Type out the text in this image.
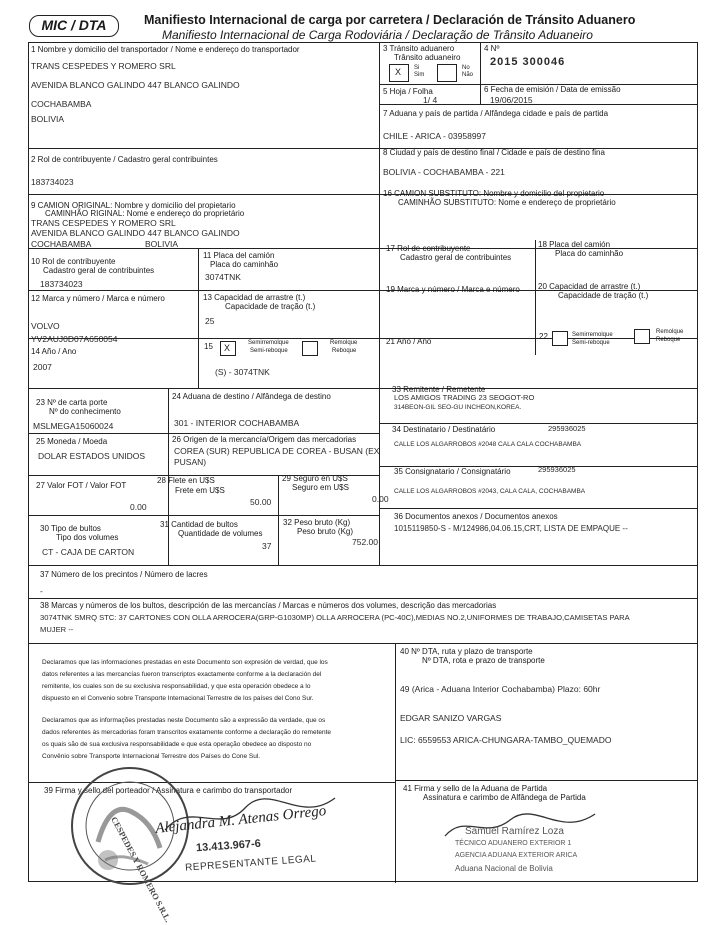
MIC / DTA	Manifiesto Internacional de carga por carretera / Declaración de Tránsito Aduanero
Manifiesto Internacional de Carga Rodoviária / Declaração de Trânsito Aduaneiro
1 Nombre y domicilio del transportador / Nome e endereço do transportador
TRANS CESPEDES Y ROMERO SRL
AVENIDA BLANCO GALINDO 447 BLANCO GALINDO
COCHABAMBA
BOLIVIA
2 Rol de contribuyente / Cadastro geral contribuintes
183734023
3 Tránsito aduanero
Trânsito aduaneiro
X	Si
Sim
No
Não
4 Nº
2015 300046
5 Hoja / Folha
1/ 4
6 Fecha de emisión / Data de emissão
19/06/2015
7 Aduana y país de partida / Alfândega cidade e país de partida
CHILE - ARICA - 03958997
8 Ciudad y país de destino final / Cidade e país de destino fina
BOLIVIA - COCHABAMBA - 221
9 CAMION ORIGINAL: Nombre y domicilio del propietario
CAMINHÃO RIGINAL: Nome e endereço do proprietário
TRANS CESPEDES Y ROMERO SRL
AVENIDA BLANCO GALINDO 447 BLANCO GALINDO
COCHABAMBA	BOLIVIA
10 Rol de contribuyente
Cadastro geral de contribuintes
183734023
11 Placa del camión
Placa do caminhão
3074TNK
12 Marca y número / Marca e número
VOLVO
YV2AUJ0D07A650054
13 Capacidad de arrastre (t.)
Capacidade de tração (t.)
25
14 Año / Ano
2007
15	X	Semirremolque
Semi-reboque
Remolque
Reboque
(S) - 3074TNK
16 CAMION SUBSTITUTO: Nombre y domicilio del propietario
CAMINHÃO SUBSTITUTO: Nome e endereço de proprietário
17 Rol de contribuyente
Cadastro geral de contribuintes
18 Placa del camión
Placa do caminhão
19 Marca y número / Marca e número 20 Capacidad de arrastre (t.)
Capacidade de tração (t.)
21 Año / Ano
22	Semirremolque
Semi-reboque
Remolque
Reboque
23 Nº de carta porte
Nº do conhecimento
MSLMEGA15060024
24 Aduana de destino / Alfândega de destino
301 - INTERIOR COCHABAMBA
25 Moneda / Moeda
DOLAR ESTADOS UNIDOS
26 Origen de la mercancía/Origem das mercadorias
COREA (SUR) REPUBLICA DE COREA - BUSAN (EX
PUSAN)
27 Valor FOT / Valor FOT
0.00
28 Flete en U$S
Frete em U$S
50.00
29 Seguro en U$S
Seguro em U$S
0.00
30 Tipo de bultos
Tipo dos volumes
CT - CAJA DE CARTON
31 Cantidad de bultos
Quantidade de volumes
37
32 Peso bruto (Kg)
Peso bruto (Kg)
752.00
33 Remitente / Remetente
LOS AMIGOS TRADING 23 SEOGOT-RO
314BEON-GIL SEO-GU INCHEON,KOREA.
34 Destinatario / Destinatário	295936025
CALLE LOS ALGARROBOS #2048 CALA CALA COCHABAMBA
35 Consignatario / Consignatário	295936025
CALLE LOS ALGARROBOS #2043, CALA CALA, COCHABAMBA
36 Documentos anexos / Documentos anexos
1015119850-S - M/124986,04.06.15,CRT, LISTA DE EMPAQUE --
37 Número de los precintos / Número de lacres
-
38 Marcas y números de los bultos, descripción de las mercancías / Marcas e números dos volumes, descrição das mercadorias
3074TNK SMRQ STC: 37 CARTONES CON OLLA ARROCERA(GRP-G1030MP) OLLA ARROCERA (PC-40C),MEDIAS NO.2,UNIFORMES DE TRABAJO,CAMISETAS PARA
MUJER --
Declaramos que las informaciones prestadas en este Documento son expresión de verdad, que los
datos referentes a las mercancías fueron transcriptos exactamente conforme a la declaración del
remitente, los cuales son de su exclusiva responsabilidad, y que esta operación obedece a lo
dispuesto en el Convenio sobre Transporte Internacional Terrestre de los países del Cono Sur.
Declaramos que as informações prestadas neste Documento são a expressão da verdade, que os
dados referentes às mercadorias foram transcritos exatamente conforme a declaração do remetente
os quais são de sua exclusiva responsabilidade e que esta operação obedece ao disposto no
Convênio sobre Transporte Internacional Terrestre dos Países do Cone Sul.
39 Firma y sello del porteador / Assinatura e carimbo do transportador
CESPEDES Y ROMERO S.R.L.
Alejandra M. Atenas Orrego
13.413.967-6
REPRESENTANTE LEGAL
40 Nº DTA, ruta y plazo de transporte
Nº DTA, rota e prazo de transporte
49 (Arica - Aduana Interior Cochabamba) Plazo: 60hr
EDGAR SANIZO VARGAS
LIC: 6559553 ARICA-CHUNGARA-TAMBO_QUEMADO
41 Firma y sello de la Aduana de Partida
Assinatura e carimbo de Alfândega de Partida
Samuel Ramírez Loza
TÉCNICO ADUANERO EXTERIOR 1
AGENCIA ADUANA EXTERIOR ARICA
Aduana Nacional de Bolivia
